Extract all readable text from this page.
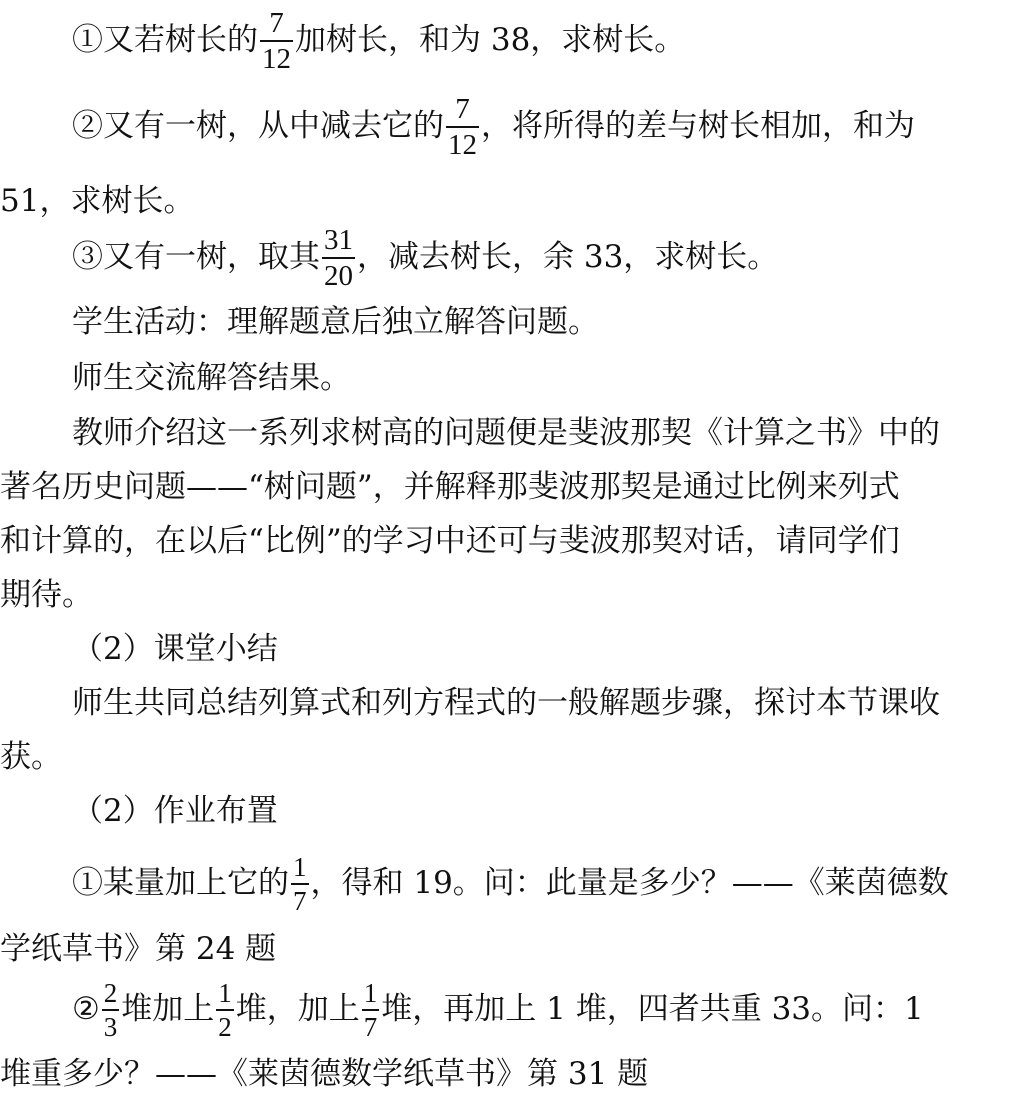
①又若树长的 $\frac{7}{12}$ 加树长，和为 38，求树长。
②又有一树，从中减去它的 $\frac{7}{12}$ ，将所得的差与树长相加，和为
51，求树长。
③又有一树，取其 $\frac{31}{20}$ ，减去树长，余 33，求树长。
学生活动：理解题意后独立解答问题。
师生交流解答结果。
教师介绍这一系列求树高的问题便是斐波那契《计算之书》中的
著名历史问题——“树问题”，并解释那斐波那契是通过比例来列式
和计算的，在以后“比例”的学习中还可与斐波那契对话，请同学们
期待。
（2）课堂小结
师生共同总结列算式和列方程式的一般解题步骤，探讨本节课收
获。
（2）作业布置
①某量加上它的 $\frac{1}{7}$ ，得和 19。问：此量是多少？——《莱茵德数
学纸草书》第 24 题
② $\frac{2}{3}$ 堆加上 $\frac{1}{2}$ 堆，加上 $\frac{1}{7}$ 堆，再加上 1 堆，四者共重 33。问：1
堆重多少？——《莱茵德数学纸草书》第 31 题
